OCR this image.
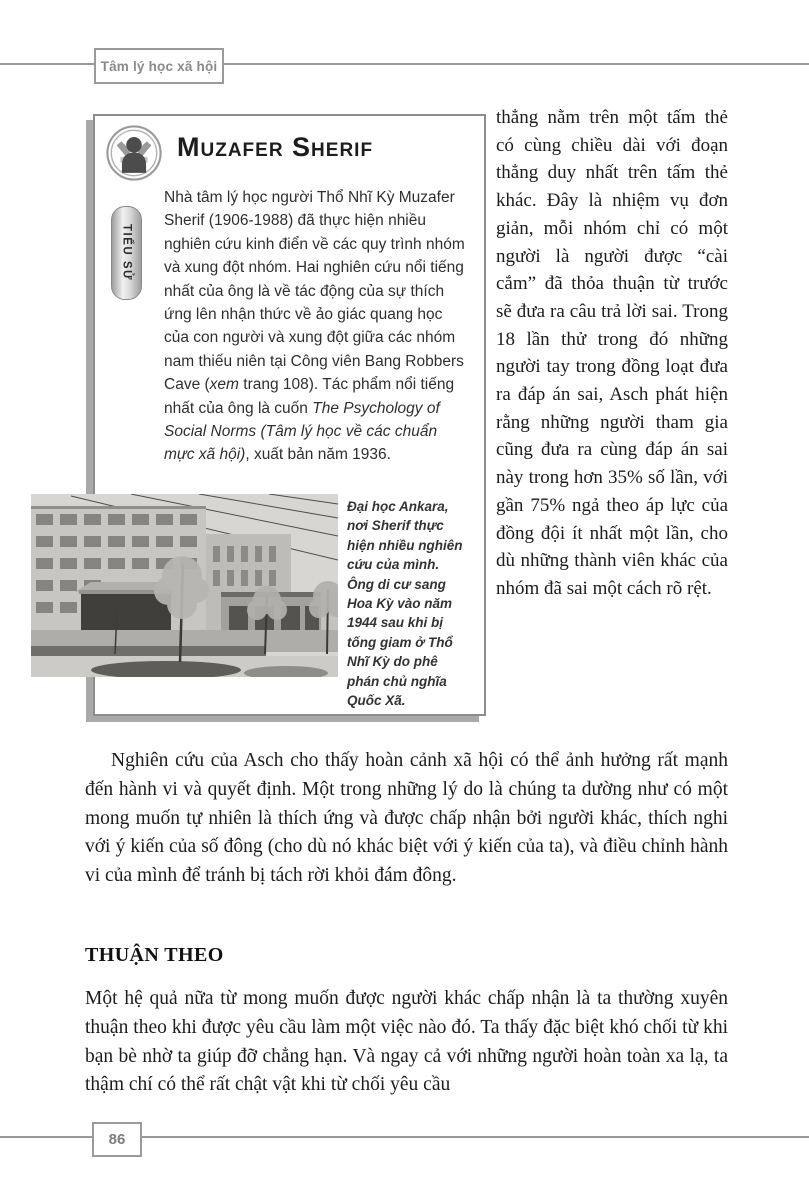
Tâm lý học xã hội
Muzafer Sherif
TIỂU SỬ
Nhà tâm lý học người Thổ Nhĩ Kỳ Muzafer Sherif (1906-1988) đã thực hiện nhiều nghiên cứu kinh điển về các quy trình nhóm và xung đột nhóm. Hai nghiên cứu nổi tiếng nhất của ông là về tác động của sự thích ứng lên nhận thức về ảo giác quang học của con người và xung đột giữa các nhóm nam thiếu niên tại Công viên Bang Robbers Cave (xem trang 108). Tác phẩm nổi tiếng nhất của ông là cuốn The Psychology of Social Norms (Tâm lý học về các chuẩn mực xã hội), xuất bản năm 1936.
Đại học Ankara, nơi Sherif thực hiện nhiều nghiên cứu của mình. Ông di cư sang Hoa Kỳ vào năm 1944 sau khi bị tống giam ở Thổ Nhĩ Kỳ do phê phán chủ nghĩa Quốc Xã.
thẳng nằm trên một tấm thẻ có cùng chiều dài với đoạn thẳng duy nhất trên tấm thẻ khác. Đây là nhiệm vụ đơn giản, mỗi nhóm chỉ có một người là người được “cài cắm” đã thỏa thuận từ trước sẽ đưa ra câu trả lời sai. Trong 18 lần thử trong đó những người tay trong đồng loạt đưa ra đáp án sai, Asch phát hiện rằng những người tham gia cũng đưa ra cùng đáp án sai này trong hơn 35% số lần, với gần 75% ngả theo áp lực của đồng đội ít nhất một lần, cho dù những thành viên khác của nhóm đã sai một cách rõ rệt.
Nghiên cứu của Asch cho thấy hoàn cảnh xã hội có thể ảnh hưởng rất mạnh đến hành vi và quyết định. Một trong những lý do là chúng ta dường như có một mong muốn tự nhiên là thích ứng và được chấp nhận bởi người khác, thích nghi với ý kiến của số đông (cho dù nó khác biệt với ý kiến của ta), và điều chỉnh hành vi của mình để tránh bị tách rời khỏi đám đông.
THUẬN THEO
Một hệ quả nữa từ mong muốn được người khác chấp nhận là ta thường xuyên thuận theo khi được yêu cầu làm một việc nào đó. Ta thấy đặc biệt khó chối từ khi bạn bè nhờ ta giúp đỡ chẳng hạn. Và ngay cả với những người hoàn toàn xa lạ, ta thậm chí có thể rất chật vật khi từ chối yêu cầu
86
